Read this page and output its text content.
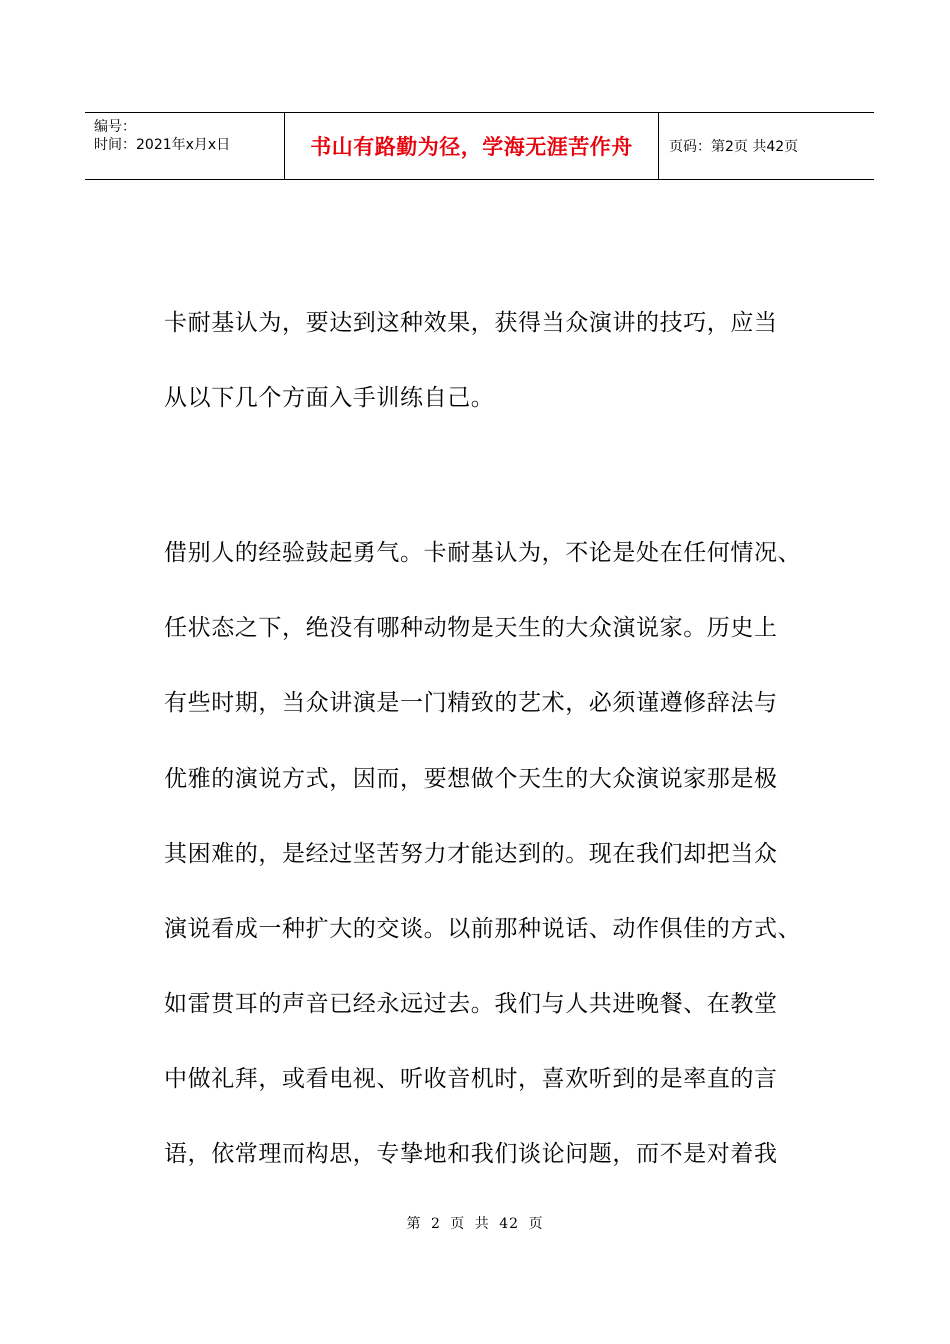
编号：
时间：2021年x月x日	书山有路勤为径，学海无涯苦作舟	页码：第2页 共42页
卡耐基认为，要达到这种效果，获得当众演讲的技巧，应当
从以下几个方面入手训练自己。
借别人的经验鼓起勇气。卡耐基认为，不论是处在任何情况、
任状态之下，绝没有哪种动物是天生的大众演说家。历史上
有些时期，当众讲演是一门精致的艺术，必须谨遵修辞法与
优雅的演说方式，因而，要想做个天生的大众演说家那是极
其困难的，是经过坚苦努力才能达到的。现在我们却把当众
演说看成一种扩大的交谈。以前那种说话、动作俱佳的方式、
如雷贯耳的声音已经永远过去。我们与人共进晚餐、在教堂
中做礼拜，或看电视、听收音机时，喜欢听到的是率直的言
语，依常理而构思，专挚地和我们谈论问题，而不是对着我
第 2 页 共 42 页
